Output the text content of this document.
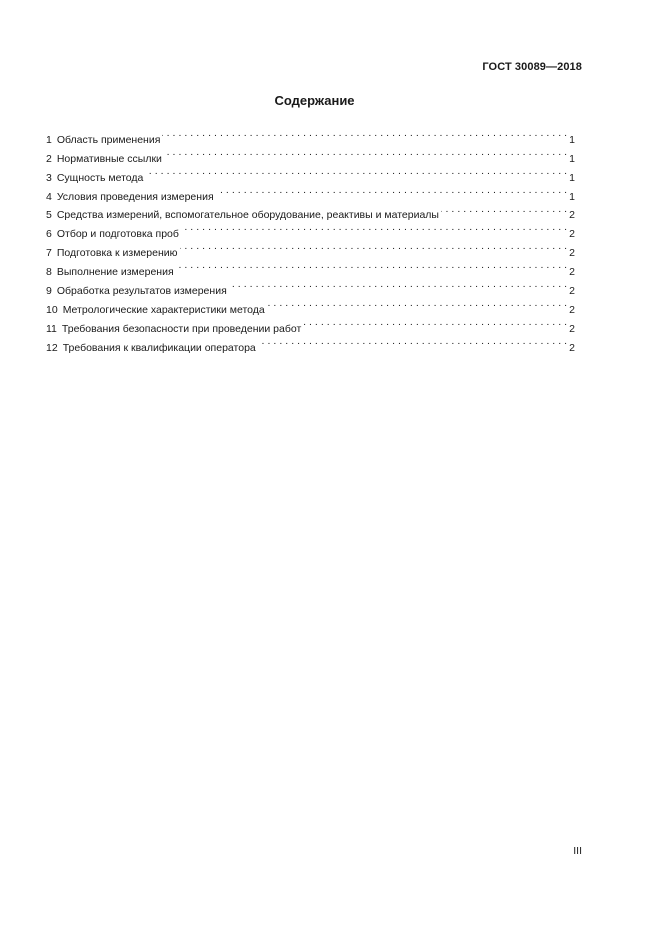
ГОСТ 30089—2018
Содержание
1 Область применения . . .	1
2 Нормативные ссылки . . .	1
3 Сущность метода . . .	1
4 Условия проведения измерения . . .	1
5 Средства измерений, вспомогательное оборудование, реактивы и материалы . . .	2
6 Отбор и подготовка проб . . .	2
7 Подготовка к измерению . . .	2
8 Выполнение измерения . . .	2
9 Обработка результатов измерения . . .	2
10 Метрологические характеристики метода . . .	2
11 Требования безопасности при проведении работ . . .	2
12 Требования к квалификации оператора . . .	2
III
